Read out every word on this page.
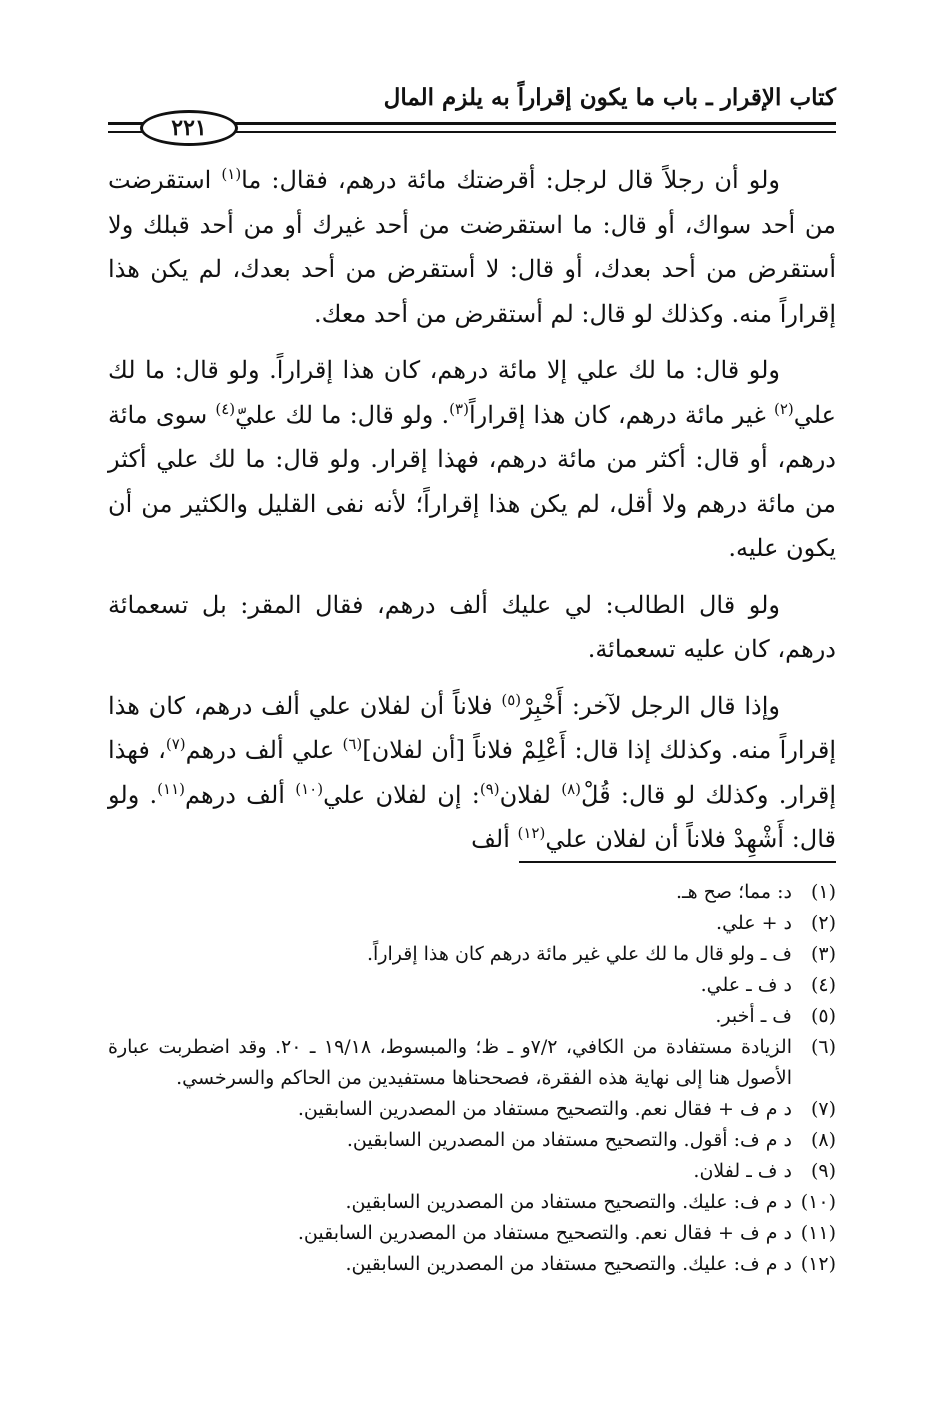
كتاب الإقرار ـ باب ما يكون إقراراً به يلزم المال
٢٢١

ولو أن رجلاً قال لرجل: أقرضتك مائة درهم، فقال: ما$^{(١)}$ استقرضت من أحد سواك، أو قال: ما استقرضت من أحد غيرك أو من أحد قبلك ولا أستقرض من أحد بعدك، أو قال: لا أستقرض من أحد بعدك، لم يكن هذا إقراراً منه. وكذلك لو قال: لم أستقرض من أحد معك.

ولو قال: ما لك علي إلا مائة درهم، كان هذا إقراراً. ولو قال: ما لك علي$^{(٢)}$ غير مائة درهم، كان هذا إقراراً$^{(٣)}$. ولو قال: ما لك عليّ$^{(٤)}$ سوى مائة درهم، أو قال: أكثر من مائة درهم، فهذا إقرار. ولو قال: ما لك علي أكثر من مائة درهم ولا أقل، لم يكن هذا إقراراً؛ لأنه نفى القليل والكثير من أن يكون عليه.

ولو قال الطالب: لي عليك ألف درهم، فقال المقر: بل تسعمائة درهم، كان عليه تسعمائة.

وإذا قال الرجل لآخر: أَخْبِرْ$^{(٥)}$ فلاناً أن لفلان علي ألف درهم، كان هذا إقراراً منه. وكذلك إذا قال: أَعْلِمْ فلاناً [أن لفلان]$^{(٦)}$ علي ألف درهم$^{(٧)}$، فهذا إقرار. وكذلك لو قال: قُلْ$^{(٨)}$ لفلان$^{(٩)}$: إن لفلان علي$^{(١٠)}$ ألف درهم$^{(١١)}$. ولو قال: أَشْهِدْ فلاناً أن لفلان علي$^{(١٢)}$ ألف

(١)
د: مما؛ صح هـ.
(٢)
د + علي.
(٣)
ف ـ ولو قال ما لك علي غير مائة درهم كان هذا إقراراً.
(٤)
د ف ـ علي.
(٥)
ف ـ أخبر.
(٦)
الزيادة مستفادة من الكافي، ٧/٢و ـ ظ؛ والمبسوط، ١٩/١٨ ـ ٢٠. وقد اضطربت عبارة الأصول هنا إلى نهاية هذه الفقرة، فصححناها مستفيدين من الحاكم والسرخسي.
(٧)
د م ف + فقال نعم. والتصحيح مستفاد من المصدرين السابقين.
(٨)
د م ف: أقول. والتصحيح مستفاد من المصدرين السابقين.
(٩)
د ف ـ لفلان.
(١٠)
د م ف: عليك. والتصحيح مستفاد من المصدرين السابقين.
(١١)
د م ف + فقال نعم. والتصحيح مستفاد من المصدرين السابقين.
(١٢)
د م ف: عليك. والتصحيح مستفاد من المصدرين السابقين.
